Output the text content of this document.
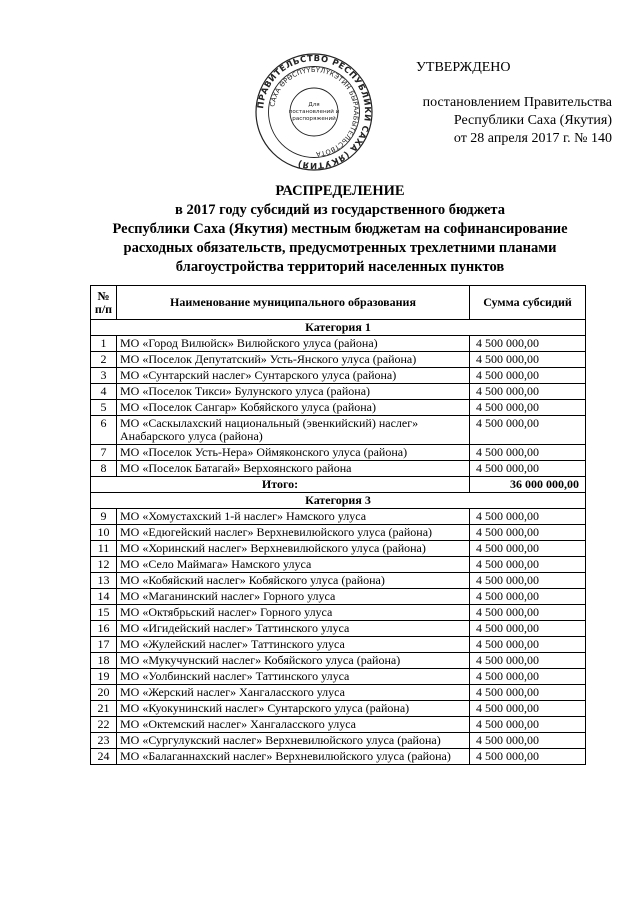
ПРАВИТЕЛЬСТВО РЕСПУБЛИКИ САХА (ЯКУТИЯ)
САХА ӨРӨСПҮҮБҮЛҮКЭТИН БЫРААБЫТЕЛЬСТВОТА
Для
постановлений и
распоряжений
УТВЕРЖДЕНО
постановлением Правительства
Республики Саха (Якутия)
от 28 апреля 2017 г. № 140
РАСПРЕДЕЛЕНИЕ
в 2017 году субсидий из государственного бюджета
Республики Саха (Якутия) местным бюджетам на софинансирование
расходных обязательств, предусмотренных трехлетними планами
благоустройства территорий населенных пунктов
№ п/п	Наименование муниципального образования	Сумма субсидий
Категория 1		
1	МО «Город Вилюйск» Вилюйского улуса (района)	4 500 000,00
2	МО «Поселок Депутатский» Усть-Янского улуса (района)	4 500 000,00
3	МО «Сунтарский наслег» Сунтарского улуса (района)	4 500 000,00
4	МО «Поселок Тикси» Булунского улуса (района)	4 500 000,00
5	МО «Поселок Сангар» Кобяйского улуса (района)	4 500 000,00
6	МО «Саскылахский национальный (эвенкийский) наслег» Анабарского улуса (района)	4 500 000,00
7	МО «Поселок Усть-Нера» Оймяконского улуса (района)	4 500 000,00
8	МО «Поселок Батагай» Верхоянского района	4 500 000,00
Итого:		36 000 000,00
Категория 3		
9	МО «Хомустахский 1-й наслег» Намского улуса	4 500 000,00
10	МО «Едюгейский наслег» Верхневилюйского улуса (района)	4 500 000,00
11	МО «Хоринский наслег» Верхневилюйского улуса (района)	4 500 000,00
12	МО «Село Маймага» Намского улуса	4 500 000,00
13	МО «Кобяйский наслег» Кобяйского улуса (района)	4 500 000,00
14	МО «Маганинский наслег» Горного улуса	4 500 000,00
15	МО «Октябрьский наслег» Горного улуса	4 500 000,00
16	МО «Игидейский наслег» Таттинского улуса	4 500 000,00
17	МО «Жулейский наслег» Таттинского улуса	4 500 000,00
18	МО «Мукучунский наслег» Кобяйского улуса (района)	4 500 000,00
19	МО «Уолбинский наслег» Таттинского улуса	4 500 000,00
20	МО «Жерский наслег» Хангаласского улуса	4 500 000,00
21	МО «Куокунинский наслег» Сунтарского улуса (района)	4 500 000,00
22	МО «Октемский наслег» Хангаласского улуса	4 500 000,00
23	МО «Сургулукский наслег» Верхневилюйского улуса (района)	4 500 000,00
24	МО «Балаганнахский наслег» Верхневилюйского улуса (района)	4 500 000,00
